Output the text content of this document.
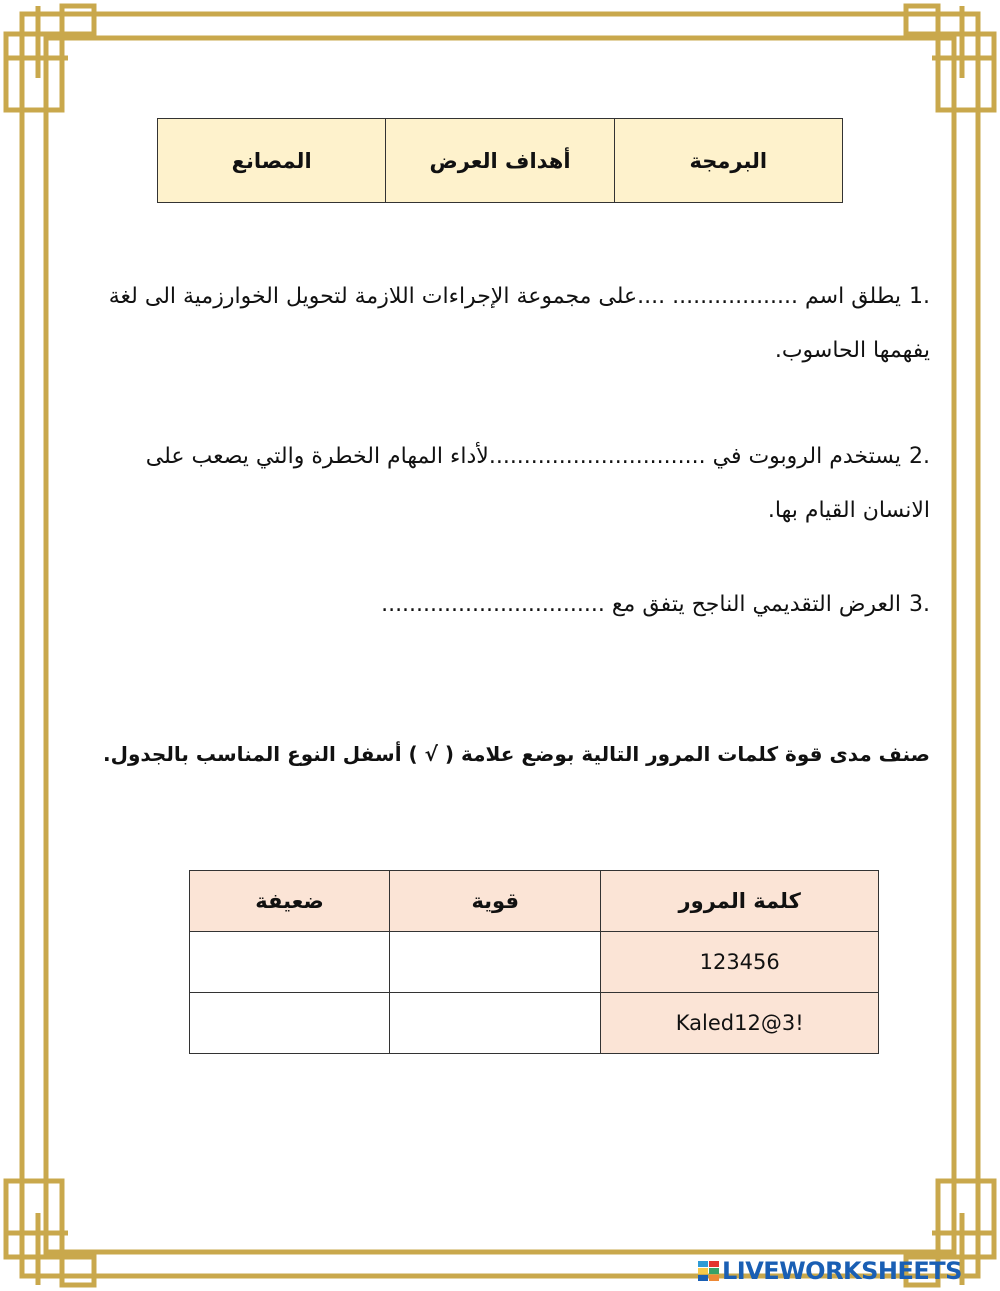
البرمجة	أهداف العرض	المصانع
.1يطلق اسم .................. ....على مجموعة الإجراءات اللازمة لتحويل الخوارزمية الى لغة يفهمها الحاسوب.
.2يستخدم الروبوت في ...............................لأداء المهام الخطرة والتي يصعب على الانسان القيام بها.
.3العرض التقديمي الناجح يتفق مع ................................
صنف مدى قوة كلمات المرور التالية بوضع علامة ( √ ) أسفل النوع المناسب بالجدول.
كلمة المرور	قوية	ضعيفة
123456		
Kaled12@3!		
LIVEWORKSHEETS
